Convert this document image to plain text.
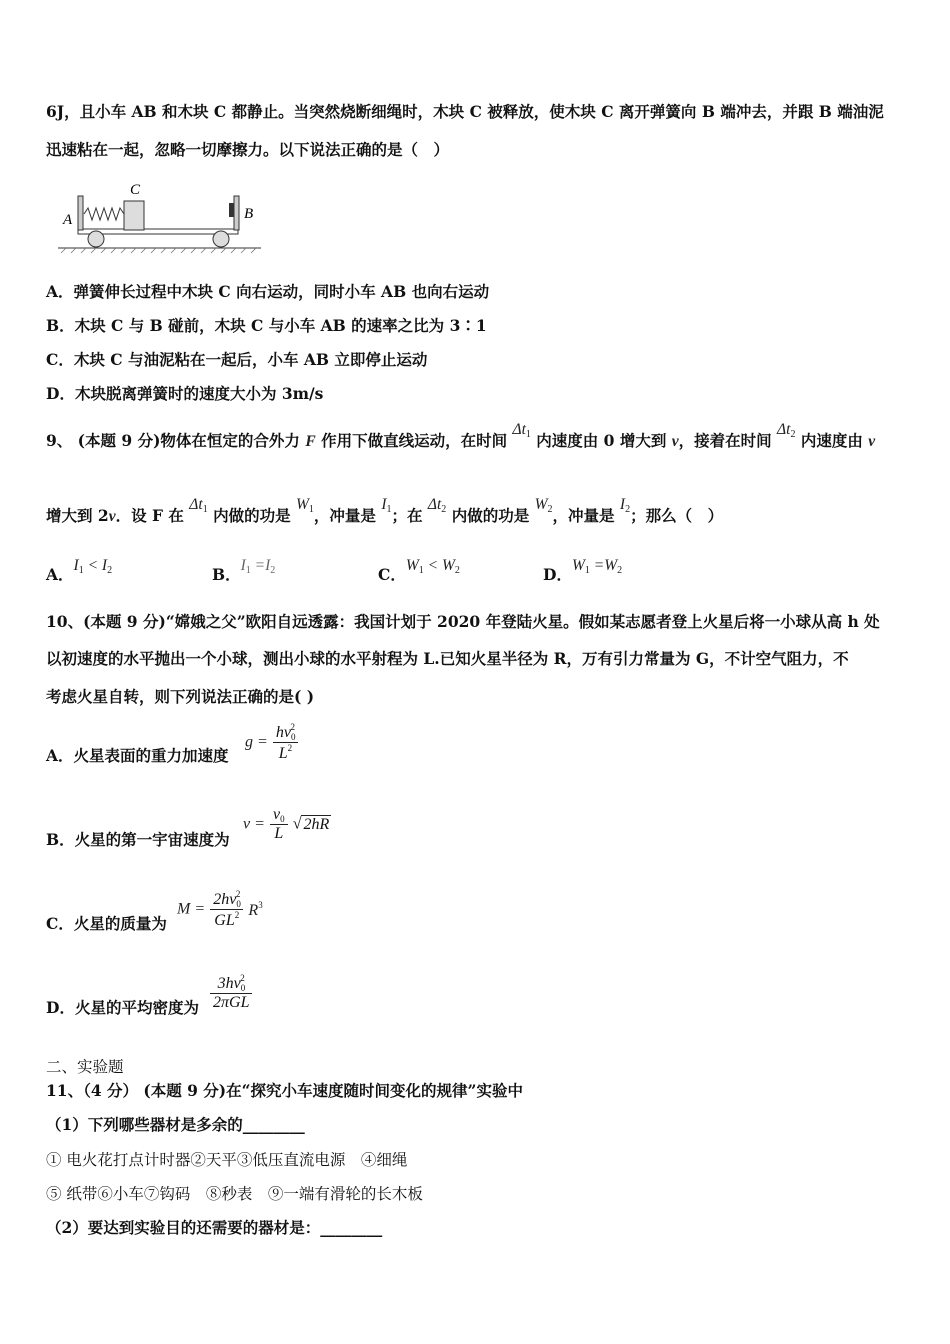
6J，且小车 AB 和木块 C 都静止。当突然烧断细绳时，木块 C 被释放，使木块 C 离开弹簧向 B 端冲去，并跟 B 端油泥
迅速粘在一起，忽略一切摩擦力。以下说法正确的是（　）
C
A	B
A．弹簧伸长过程中木块 C 向右运动，同时小车 AB 也向右运动
B．木块 C 与 B 碰前，木块 C 与小车 AB 的速率之比为 3∶1
C．木块 C 与油泥粘在一起后，小车 AB 立即停止运动
D．木块脱离弹簧时的速度大小为 3m/s
9、 (本题 9 分)物体在恒定的合外力 F 作用下做直线运动，在时间 Δt1 内速度由 0 增大到 v，接着在时间 Δt2 内速度由 v
增大到 2v．设 F 在 Δt1 内做的功是 W1，冲量是 I1；在 Δt2 内做的功是 W2，冲量是 I2；那么（　）
A．I1 < I2	B．I1 =I2	C．W1 < W2	D．W1 =W2
10、(本题 9 分)“嫦娥之父”欧阳自远透露：我国计划于 2020 年登陆火星。假如某志愿者登上火星后将一小球从高 h 处
以初速度的水平抛出一个小球，测出小球的水平射程为 L.已知火星半径为 R，万有引力常量为 G，不计空气阻力，不
考虑火星自转，则下列说法正确的是( )
A．火星表面的重力加速度
$g = \frac{hv_0^2}{L^2}$
B．火星的第一宇宙速度为
$v = \frac{v_0}{L}$ √ 2hR
C．火星的质量为
$M = \frac{2hv_0^2}{GL^2} R^3$
D．火星的平均密度为 $\frac{3hv_0^2}{\text{2πGL}}$
二、实验题
11、（4 分） (本题 9 分)在“探究小车速度随时间变化的规律”实验中
（1）下列哪些器材是多余的________
① 电火花打点计时器②天平③低压直流电源　④细绳
⑤ 纸带⑥小车⑦钩码　⑧秒表　⑨一端有滑轮的长木板
（2）要达到实验目的还需要的器材是：________
